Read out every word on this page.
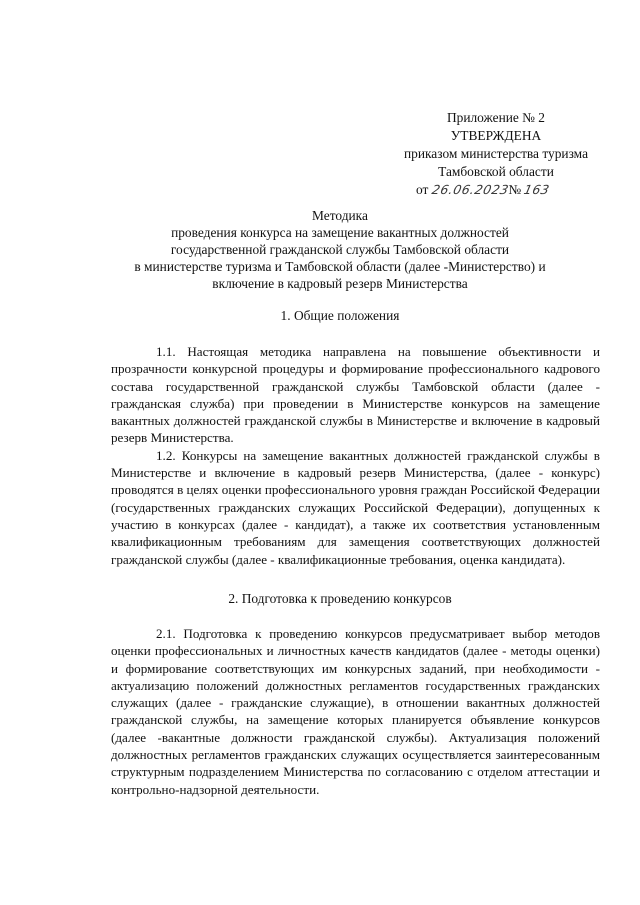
Приложение № 2
УТВЕРЖДЕНА
приказом министерства туризма
Тамбовской области
от 26.06.2023№ 163
Методика
проведения конкурса на замещение вакантных должностей
государственной гражданской службы Тамбовской области
в министерстве туризма и Тамбовской области (далее -Министерство) и
включение в кадровый резерв Министерства
1. Общие положения

1.1. Настоящая методика направлена на повышение объективности и прозрачности конкурсной процедуры и формирование профессионального кадрового состава государственной гражданской службы Тамбовской области (далее - гражданская служба) при проведении в Министерстве конкурсов на замещение вакантных должностей гражданской службы в Министерстве и включение в кадровый резерв Министерства.

1.2. Конкурсы на замещение вакантных должностей гражданской службы в Министерстве и включение в кадровый резерв Министерства, (далее - конкурс) проводятся в целях оценки профессионального уровня граждан Российской Федерации (государственных гражданских служащих Российской Федерации), допущенных к участию в конкурсах (далее - кандидат), а также их соответствия установленным квалификационным требованиям для замещения соответствующих должностей гражданской службы (далее - квалификационные требования, оценка кандидата).

2. Подготовка к проведению конкурсов

2.1. Подготовка к проведению конкурсов предусматривает выбор методов оценки профессиональных и личностных качеств кандидатов (далее - методы оценки) и формирование соответствующих им конкурсных заданий, при необходимости - актуализацию положений должностных регламентов государственных гражданских служащих (далее - гражданские служащие), в отношении вакантных должностей гражданской службы, на замещение которых планируется объявление конкурсов (далее -вакантные должности гражданской службы). Актуализация положений должностных регламентов гражданских служащих осуществляется заинтересованным структурным подразделением Министерства по согласованию с отделом аттестации и контрольно-надзорной деятельности.
